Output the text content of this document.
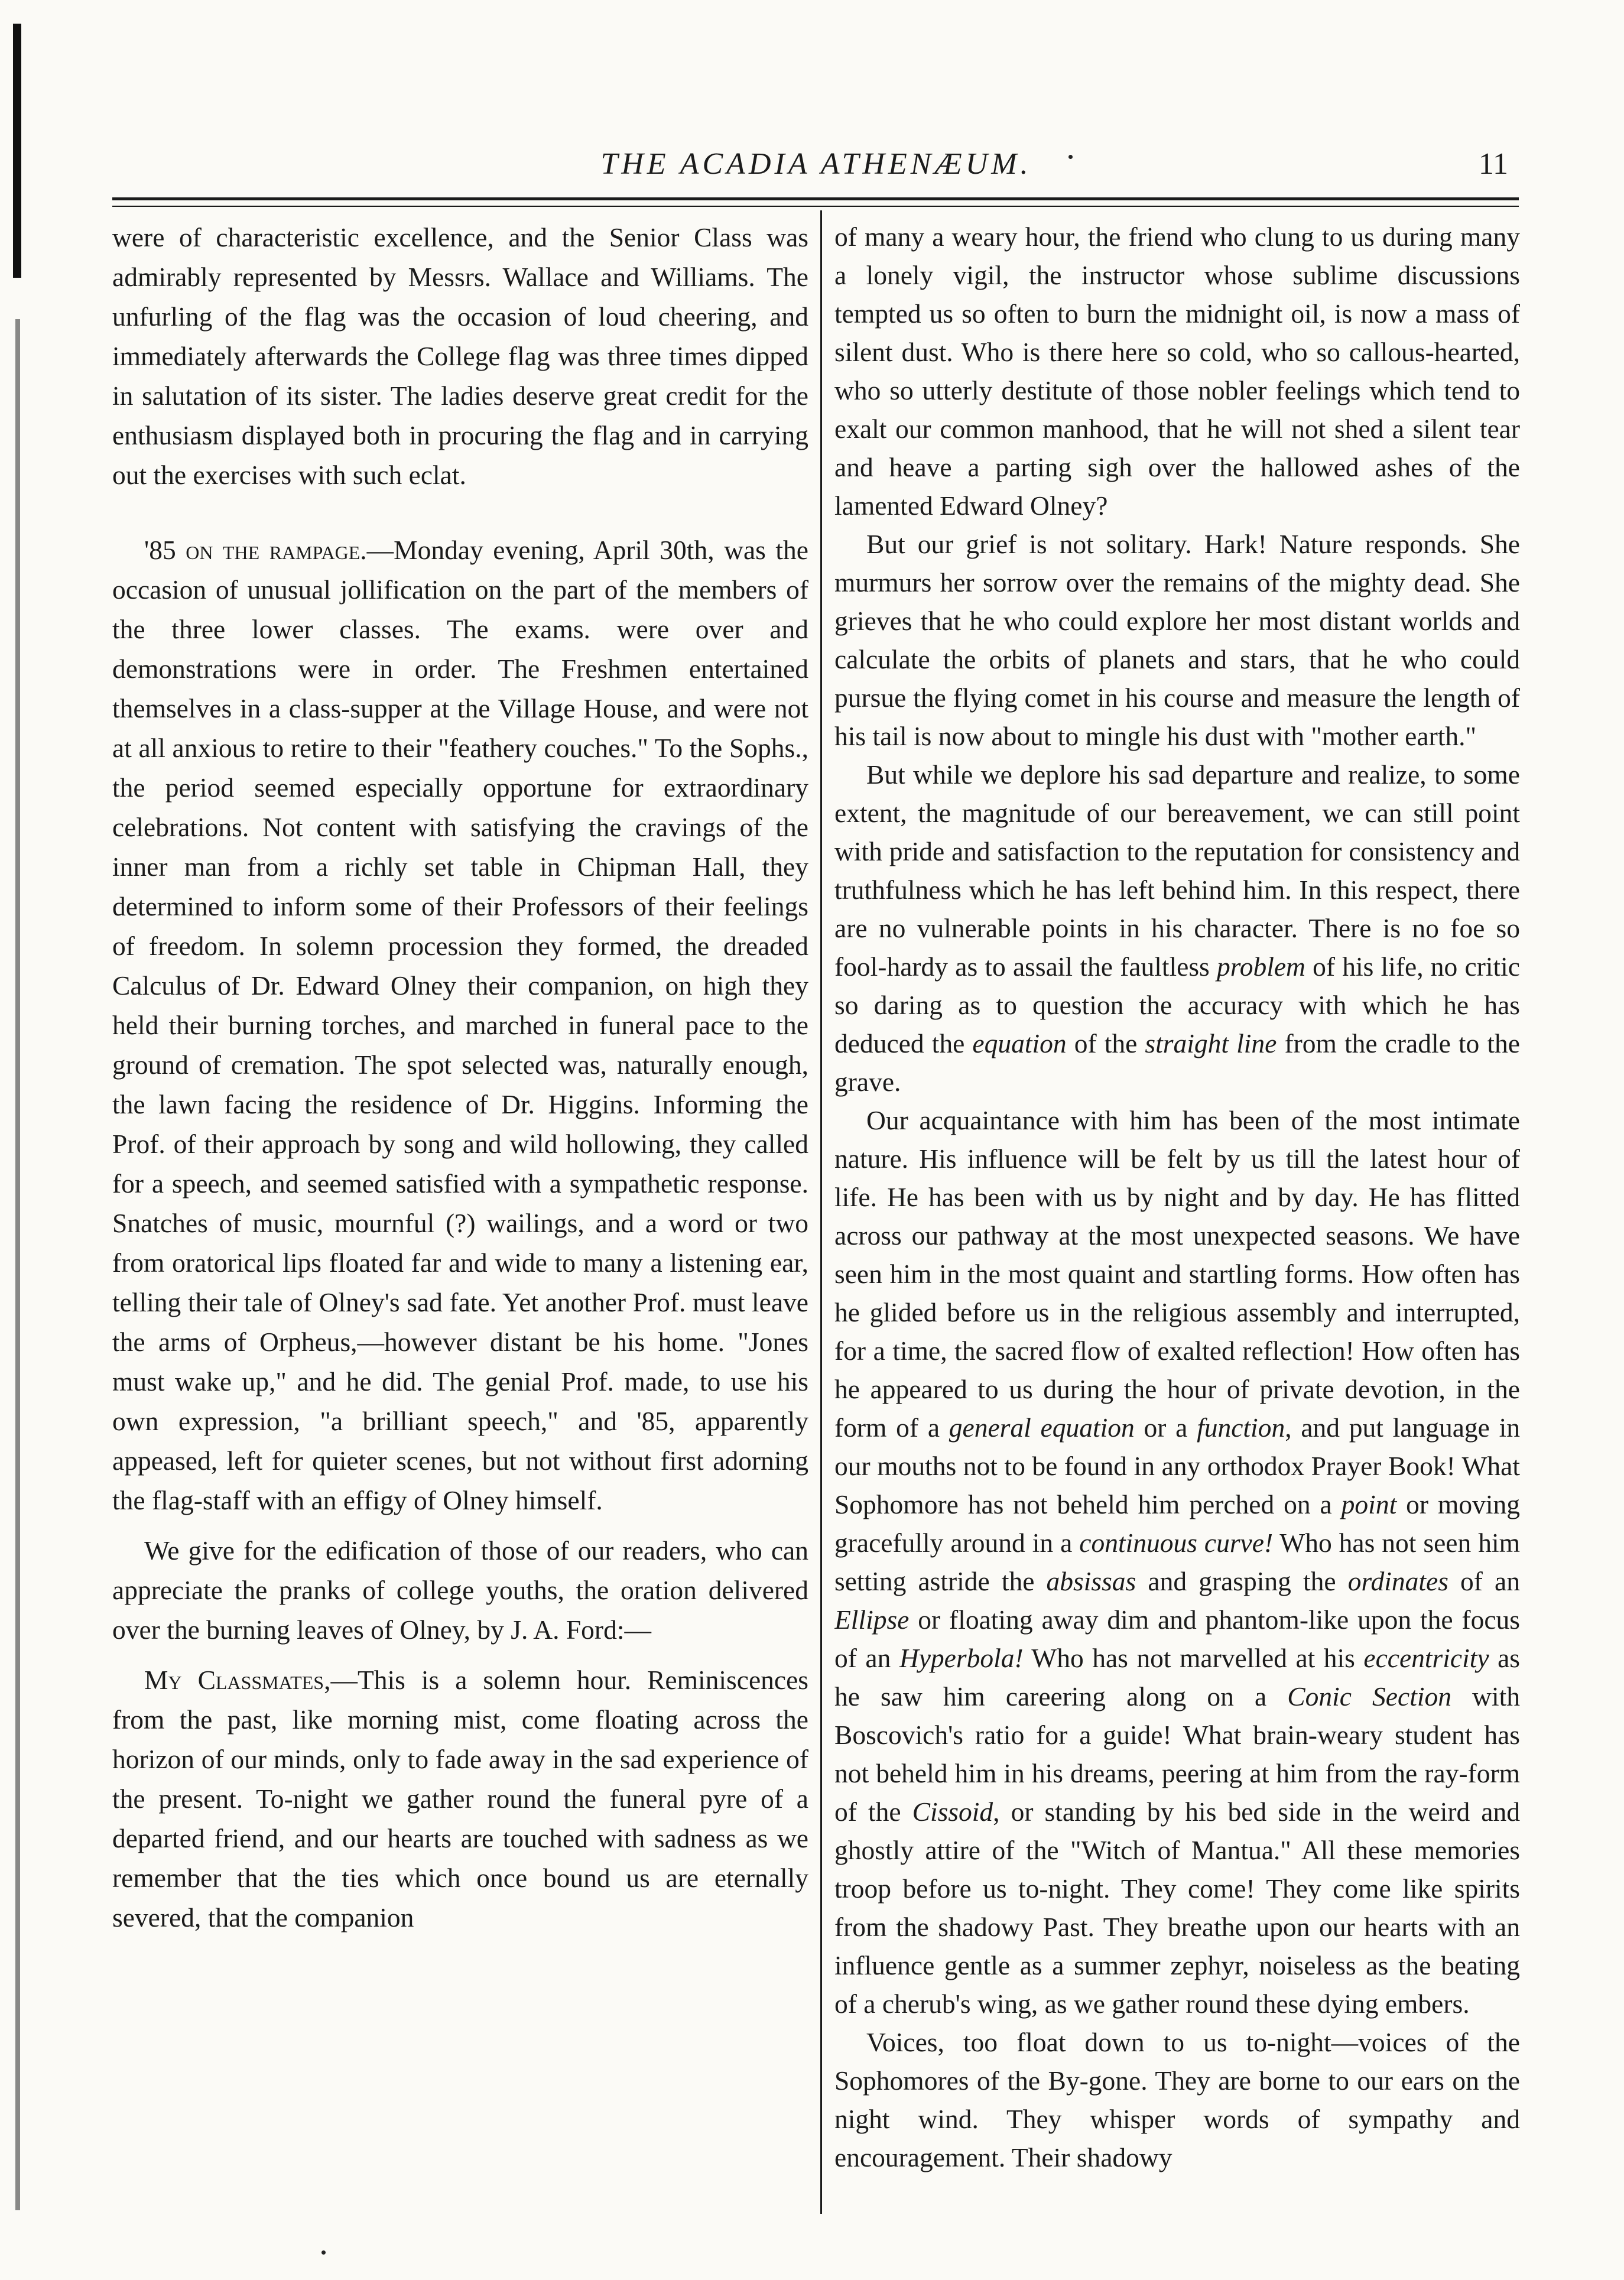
THE ACADIA ATHENÆUM.	11

were of characteristic excellence, and the Senior Class was admirably represented by Messrs. Wallace and Williams. The unfurling of the flag was the occasion of loud cheering, and immediately afterwards the College flag was three times dipped in salutation of its sister. The ladies deserve great credit for the enthusiasm displayed both in procuring the flag and in carrying out the exercises with such eclat.

'85 on the rampage.—Monday evening, April 30th, was the occasion of unusual jollification on the part of the members of the three lower classes. The exams. were over and demonstrations were in order. The Freshmen entertained themselves in a class-supper at the Village House, and were not at all anxious to retire to their "feathery couches." To the Sophs., the period seemed especially opportune for extraordinary celebrations. Not content with satisfying the cravings of the inner man from a richly set table in Chipman Hall, they determined to inform some of their Professors of their feelings of freedom. In solemn procession they formed, the dreaded Calculus of Dr. Edward Olney their companion, on high they held their burning torches, and marched in funeral pace to the ground of cremation. The spot selected was, naturally enough, the lawn facing the residence of Dr. Higgins. Informing the Prof. of their approach by song and wild hollowing, they called for a speech, and seemed satisfied with a sympathetic response. Snatches of music, mournful (?) wailings, and a word or two from oratorical lips floated far and wide to many a listening ear, telling their tale of Olney's sad fate. Yet another Prof. must leave the arms of Orpheus,—however distant be his home. "Jones must wake up," and he did. The genial Prof. made, to use his own expression, "a brilliant speech," and '85, apparently appeased, left for quieter scenes, but not without first adorning the flag-staff with an effigy of Olney himself.

We give for the edification of those of our readers, who can appreciate the pranks of college youths, the oration delivered over the burning leaves of Olney, by J. A. Ford:—

My Classmates,—This is a solemn hour. Reminiscences from the past, like morning mist, come floating across the horizon of our minds, only to fade away in the sad experience of the present. To-night we gather round the funeral pyre of a departed friend, and our hearts are touched with sadness as we remember that the ties which once bound us are eternally severed, that the companion

of many a weary hour, the friend who clung to us during many a lonely vigil, the instructor whose sublime discussions tempted us so often to burn the midnight oil, is now a mass of silent dust. Who is there here so cold, who so callous-hearted, who so utterly destitute of those nobler feelings which tend to exalt our common manhood, that he will not shed a silent tear and heave a parting sigh over the hallowed ashes of the lamented Edward Olney?

But our grief is not solitary. Hark! Nature responds. She murmurs her sorrow over the remains of the mighty dead. She grieves that he who could explore her most distant worlds and calculate the orbits of planets and stars, that he who could pursue the flying comet in his course and measure the length of his tail is now about to mingle his dust with "mother earth."

But while we deplore his sad departure and realize, to some extent, the magnitude of our bereavement, we can still point with pride and satisfaction to the reputation for consistency and truthfulness which he has left behind him. In this respect, there are no vulnerable points in his character. There is no foe so fool-hardy as to assail the faultless problem of his life, no critic so daring as to question the accuracy with which he has deduced the equation of the straight line from the cradle to the grave.

Our acquaintance with him has been of the most intimate nature. His influence will be felt by us till the latest hour of life. He has been with us by night and by day. He has flitted across our pathway at the most unexpected seasons. We have seen him in the most quaint and startling forms. How often has he glided before us in the religious assembly and interrupted, for a time, the sacred flow of exalted reflection! How often has he appeared to us during the hour of private devotion, in the form of a general equation or a function, and put language in our mouths not to be found in any orthodox Prayer Book! What Sophomore has not beheld him perched on a point or moving gracefully around in a continuous curve! Who has not seen him setting astride the absissas and grasping the ordinates of an Ellipse or floating away dim and phantom-like upon the focus of an Hyperbola! Who has not marvelled at his eccentricity as he saw him careering along on a Conic Section with Boscovich's ratio for a guide! What brain-weary student has not beheld him in his dreams, peering at him from the ray-form of the Cissoid, or standing by his bed side in the weird and ghostly attire of the "Witch of Mantua." All these memories troop before us to-night. They come! They come like spirits from the shadowy Past. They breathe upon our hearts with an influence gentle as a summer zephyr, noiseless as the beating of a cherub's wing, as we gather round these dying embers.

Voices, too float down to us to-night—voices of the Sophomores of the By-gone. They are borne to our ears on the night wind. They whisper words of sympathy and encouragement. Their shadowy
